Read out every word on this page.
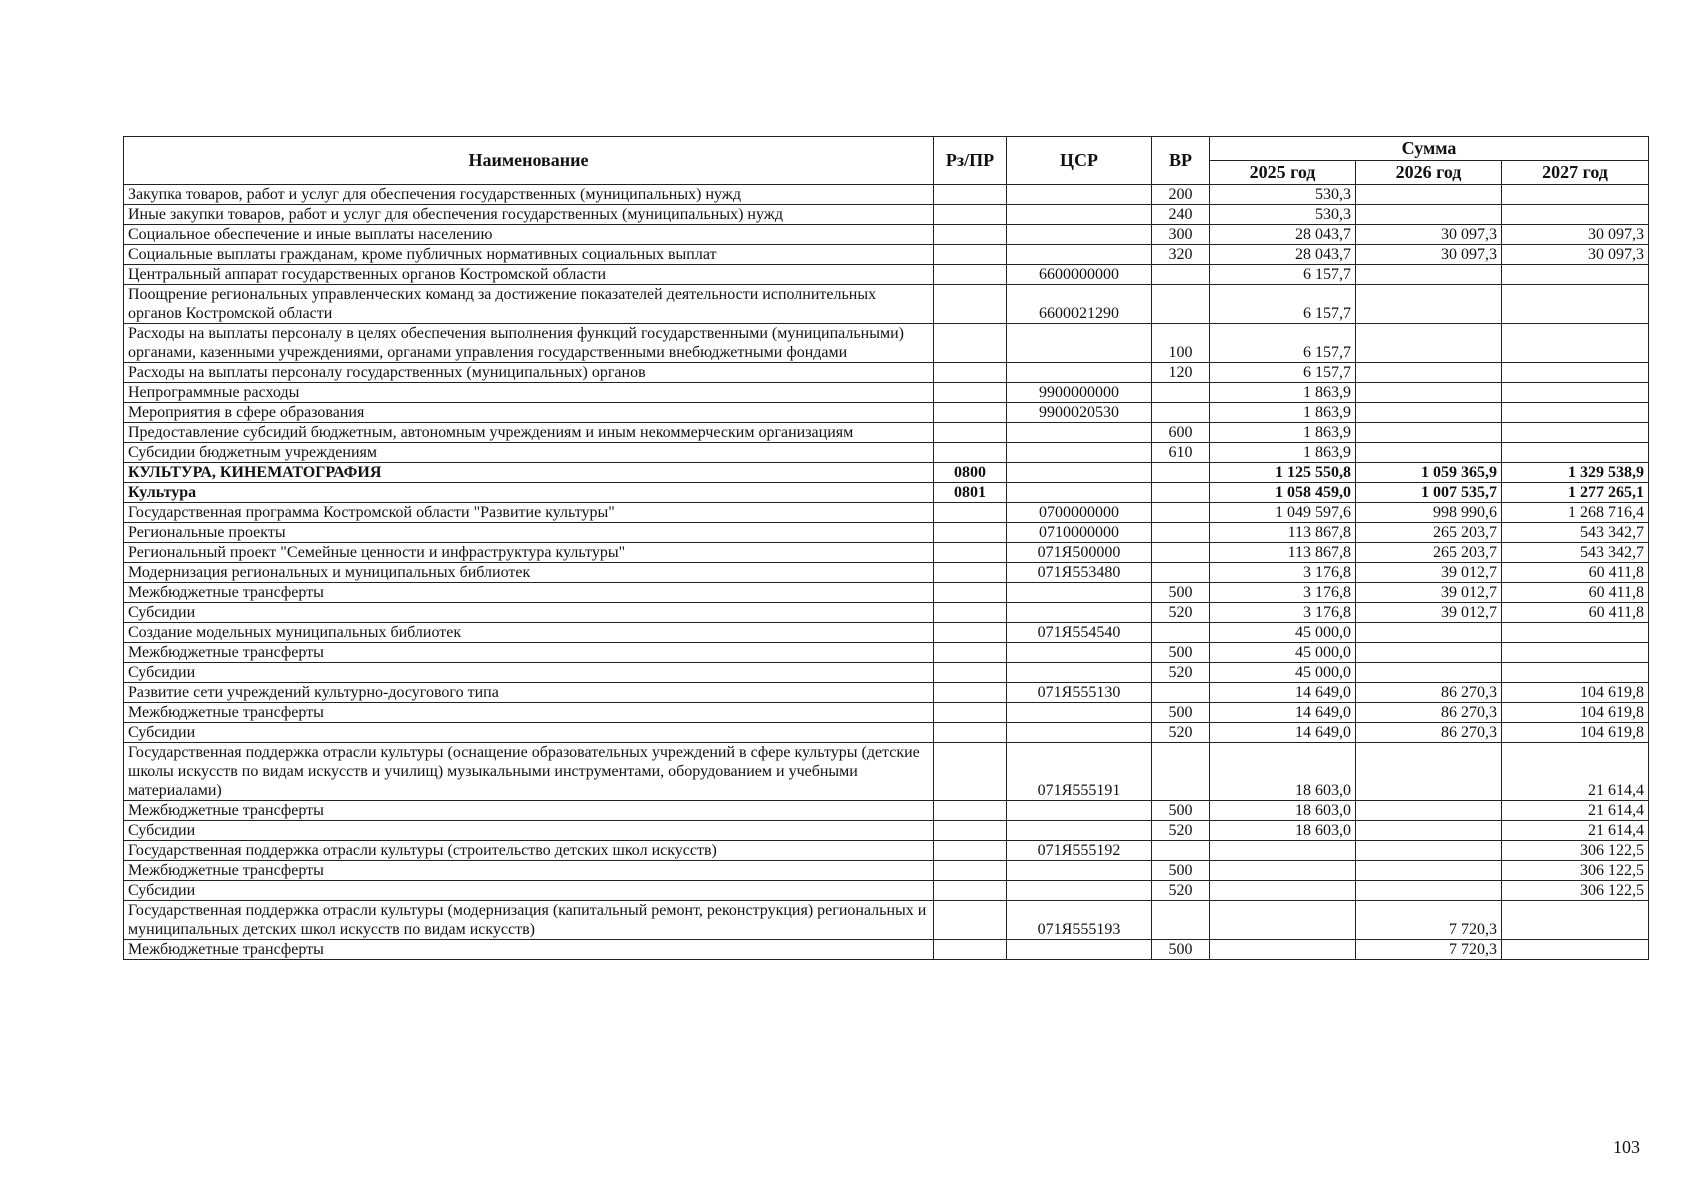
Наименование	Рз/ПР	ЦСР	ВР	Сумма		
				2025 год	2026 год	2027 год
Закупка товаров, работ и услуг для обеспечения государственных (муниципальных) нужд			200	530,3		
Иные закупки товаров, работ и услуг для обеспечения государственных (муниципальных) нужд			240	530,3		
Социальное обеспечение и иные выплаты населению			300	28 043,7	30 097,3	30 097,3
Социальные выплаты гражданам, кроме публичных нормативных социальных выплат			320	28 043,7	30 097,3	30 097,3
Центральный аппарат государственных органов Костромской области		6600000000		6 157,7		
Поощрение региональных управленческих команд за достижение показателей деятельности исполнительных органов Костромской области		6600021290		6 157,7		
Расходы на выплаты персоналу в целях обеспечения выполнения функций государственными (муниципальными) органами, казенными учреждениями, органами управления государственными внебюджетными фондами			100	6 157,7		
Расходы на выплаты персоналу государственных (муниципальных) органов			120	6 157,7		
Непрограммные расходы		9900000000		1 863,9		
Мероприятия в сфере образования		9900020530		1 863,9		
Предоставление субсидий бюджетным, автономным учреждениям и иным некоммерческим организациям			600	1 863,9		
Субсидии бюджетным учреждениям			610	1 863,9		
КУЛЬТУРА, КИНЕМАТОГРАФИЯ	0800			1 125 550,8	1 059 365,9	1 329 538,9
Культура	0801			1 058 459,0	1 007 535,7	1 277 265,1
Государственная программа Костромской области "Развитие культуры"		0700000000		1 049 597,6	998 990,6	1 268 716,4
Региональные проекты		0710000000		113 867,8	265 203,7	543 342,7
Региональный проект "Семейные ценности и инфраструктура культуры"		071Я500000		113 867,8	265 203,7	543 342,7
Модернизация региональных и муниципальных библиотек		071Я553480		3 176,8	39 012,7	60 411,8
Межбюджетные трансферты			500	3 176,8	39 012,7	60 411,8
Субсидии			520	3 176,8	39 012,7	60 411,8
Создание модельных муниципальных библиотек		071Я554540		45 000,0		
Межбюджетные трансферты			500	45 000,0		
Субсидии			520	45 000,0		
Развитие сети учреждений культурно-досугового типа		071Я555130		14 649,0	86 270,3	104 619,8
Межбюджетные трансферты			500	14 649,0	86 270,3	104 619,8
Субсидии			520	14 649,0	86 270,3	104 619,8
Государственная поддержка отрасли культуры (оснащение образовательных учреждений в сфере культуры (детские школы искусств по видам искусств и училищ) музыкальными инструментами, оборудованием и учебными материалами)		071Я555191		18 603,0		21 614,4
Межбюджетные трансферты			500	18 603,0		21 614,4
Субсидии			520	18 603,0		21 614,4
Государственная поддержка отрасли культуры (строительство детских школ искусств)		071Я555192				306 122,5
Межбюджетные трансферты			500			306 122,5
Субсидии			520			306 122,5
Государственная поддержка отрасли культуры (модернизация (капитальный ремонт, реконструкция) региональных и муниципальных детских школ искусств по видам искусств)		071Я555193			7 720,3	
Межбюджетные трансферты			500		7 720,3	
103
